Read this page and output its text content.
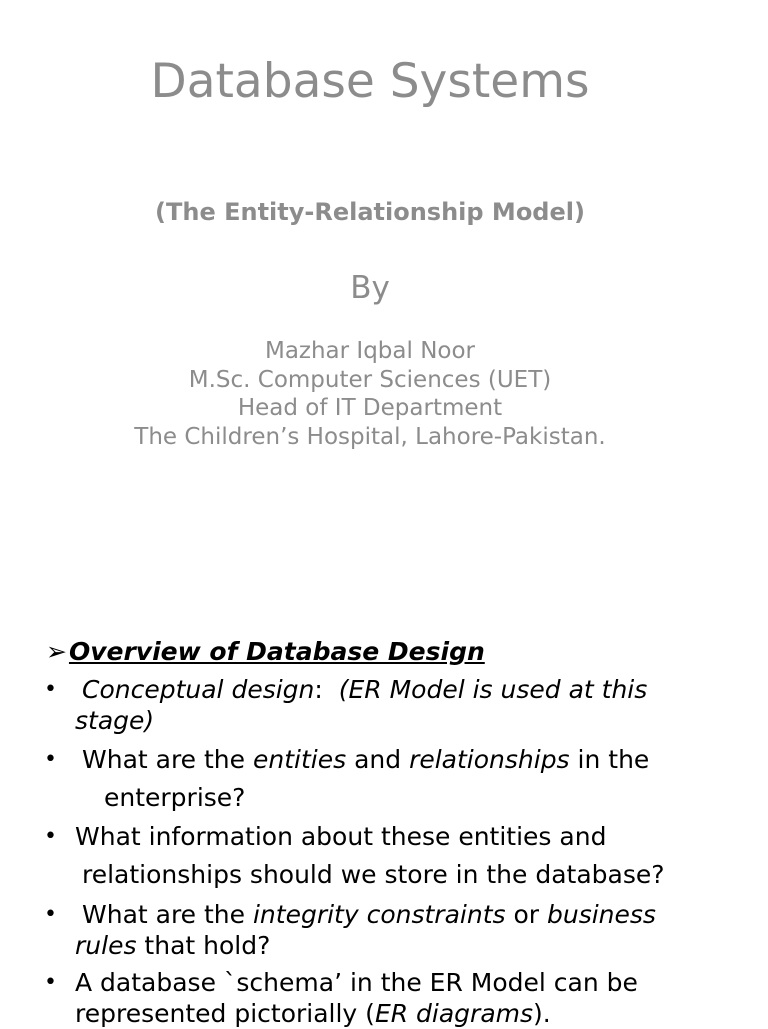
Database Systems
(The Entity-Relationship Model)
By
Mazhar Iqbal Noor
M.Sc. Computer Sciences (UET)
Head of IT Department
The Children’s Hospital, Lahore-Pakistan.
➢Overview of Database Design
•	Conceptual design: (ER Model is used at this
stage)
•	What are the entities and relationships in the
enterprise?
• What information about these entities and
relationships should we store in the database?
•	What are the integrity constraints or business
rules that hold?
• A database `schema’ in the ER Model can be
represented pictorially (ER diagrams).
